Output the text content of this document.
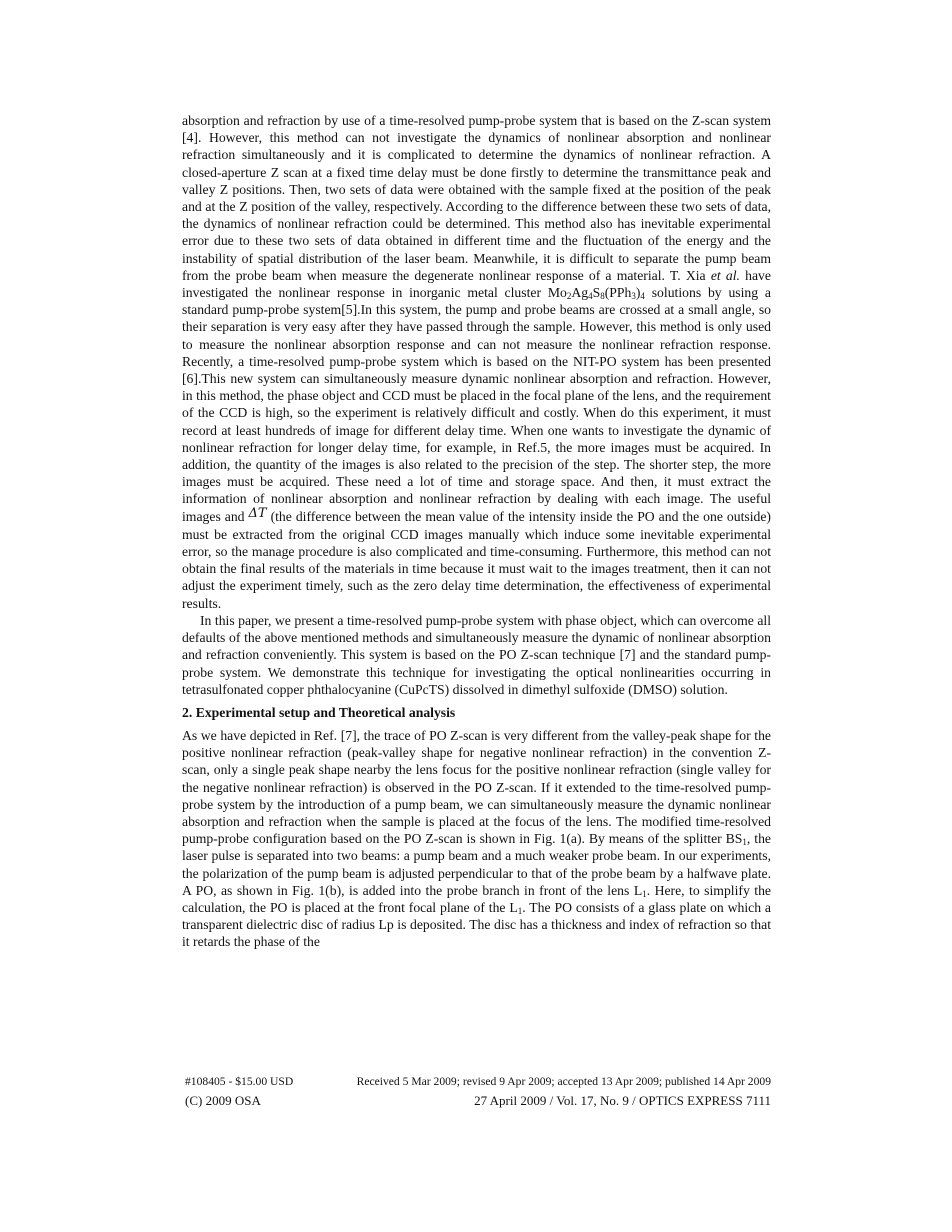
absorption and refraction by use of a time-resolved pump-probe system that is based on the Z-scan system [4]. However, this method can not investigate the dynamics of nonlinear absorption and nonlinear refraction simultaneously and it is complicated to determine the dynamics of nonlinear refraction. A closed-aperture Z scan at a fixed time delay must be done firstly to determine the transmittance peak and valley Z positions. Then, two sets of data were obtained with the sample fixed at the position of the peak and at the Z position of the valley, respectively. According to the difference between these two sets of data, the dynamics of nonlinear refraction could be determined. This method also has inevitable experimental error due to these two sets of data obtained in different time and the fluctuation of the energy and the instability of spatial distribution of the laser beam. Meanwhile, it is difficult to separate the pump beam from the probe beam when measure the degenerate nonlinear response of a material. T. Xia et al. have investigated the nonlinear response in inorganic metal cluster $Mo_2Ag_4S_8(PPh_3)_4$ solutions by using a standard pump-probe system[5].In this system, the pump and probe beams are crossed at a small angle, so their separation is very easy after they have passed through the sample. However, this method is only used to measure the nonlinear absorption response and can not measure the nonlinear refraction response. Recently, a time-resolved pump-probe system which is based on the NIT-PO system has been presented [6].This new system can simultaneously measure dynamic nonlinear absorption and refraction. However, in this method, the phase object and CCD must be placed in the focal plane of the lens, and the requirement of the CCD is high, so the experiment is relatively difficult and costly. When do this experiment, it must record at least hundreds of image for different delay time. When one wants to investigate the dynamic of nonlinear refraction for longer delay time, for example, in Ref.5, the more images must be acquired. In addition, the quantity of the images is also related to the precision of the step. The shorter step, the more images must be acquired. These need a lot of time and storage space. And then, it must extract the information of nonlinear absorption and nonlinear refraction by dealing with each image. The useful images and ΔT (the difference between the mean value of the intensity inside the PO and the one outside) must be extracted from the original CCD images manually which induce some inevitable experimental error, so the manage procedure is also complicated and time-consuming. Furthermore, this method can not obtain the final results of the materials in time because it must wait to the images treatment, then it can not adjust the experiment timely, such as the zero delay time determination, the effectiveness of experimental results.

In this paper, we present a time-resolved pump-probe system with phase object, which can overcome all defaults of the above mentioned methods and simultaneously measure the dynamic of nonlinear absorption and refraction conveniently. This system is based on the PO Z-scan technique [7] and the standard pump-probe system. We demonstrate this technique for investigating the optical nonlinearities occurring in tetrasulfonated copper phthalocyanine (CuPcTS) dissolved in dimethyl sulfoxide (DMSO) solution.

2. Experimental setup and Theoretical analysis

As we have depicted in Ref. [7], the trace of PO Z-scan is very different from the valley-peak shape for the positive nonlinear refraction (peak-valley shape for negative nonlinear refraction) in the convention Z-scan, only a single peak shape nearby the lens focus for the positive nonlinear refraction (single valley for the negative nonlinear refraction) is observed in the PO Z-scan. If it extended to the time-resolved pump-probe system by the introduction of a pump beam, we can simultaneously measure the dynamic nonlinear absorption and refraction when the sample is placed at the focus of the lens. The modified time-resolved pump-probe configuration based on the PO Z-scan is shown in Fig. 1(a). By means of the splitter $BS_1$, the laser pulse is separated into two beams: a pump beam and a much weaker probe beam. In our experiments, the polarization of the pump beam is adjusted perpendicular to that of the probe beam by a halfwave plate. A PO, as shown in Fig. 1(b), is added into the probe branch in front of the lens $L_1$. Here, to simplify the calculation, the PO is placed at the front focal plane of the $L_1$. The PO consists of a glass plate on which a transparent dielectric disc of radius Lp is deposited. The disc has a thickness and index of refraction so that it retards the phase of the

#108405 - $15.00 USD	Received 5 Mar 2009; revised 9 Apr 2009; accepted 13 Apr 2009; published 14 Apr 2009
(C) 2009 OSA	27 April 2009 / Vol. 17, No. 9 / OPTICS EXPRESS 7111
